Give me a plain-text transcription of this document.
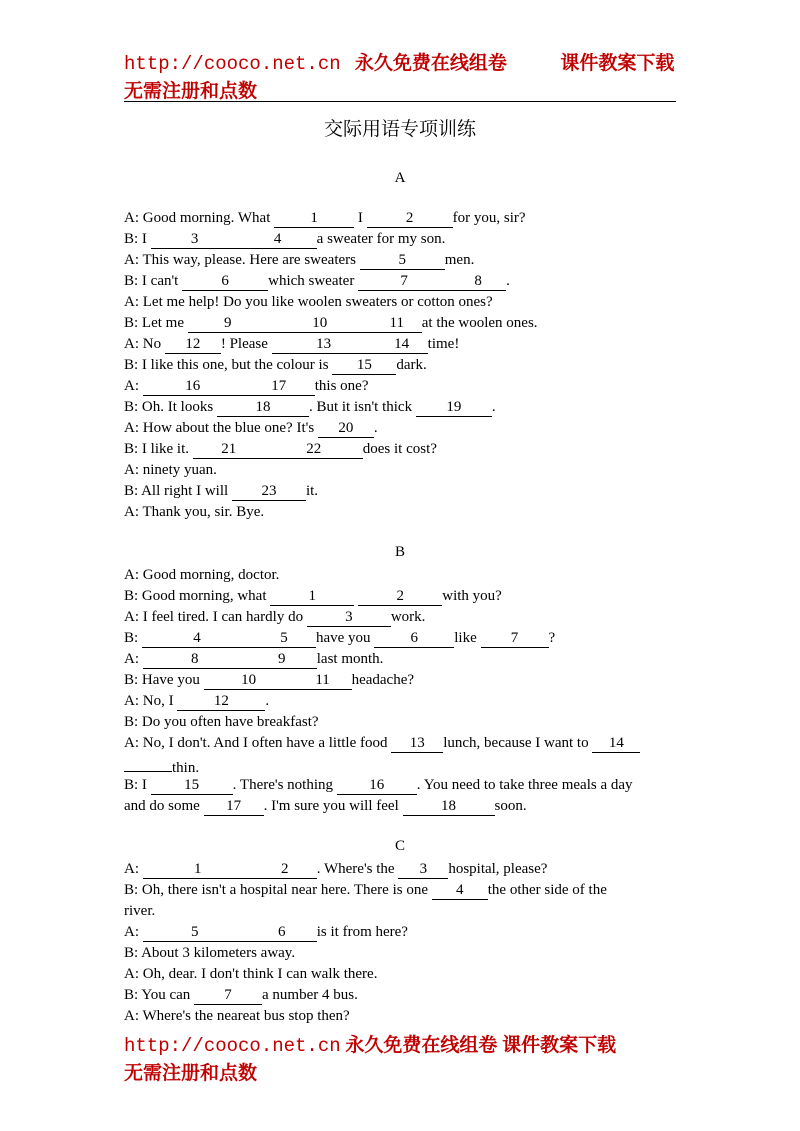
http://cooco.net.cn 永久免费在线组卷	课件教案下载
无需注册和点数
交际用语专项训练
A
A: Good morning. What 1 I	2	for you, sir?
B: I	3	4 a sweater for my son.
A: This way, please. Here are sweaters	5	men.
B: I can't	6	which sweater	7	8 .
A: Let me help! Do you like woolen sweaters or cotton ones?
B: Let me 9	10	11 at the woolen ones.
A: No 12 ! Please	13	14 time!
B: I like this one, but the colour is 15 dark.
A:	16	17 this one?
B: Oh. It looks	18	. But it isn't thick 19 .
A: How about the blue one? It's 20 .
B: I like it. 21	22	does it cost?
A: ninety yuan.
B: All right I will 23 it.
A: Thank you, sir. Bye.
B
A: Good morning, doctor.
B: Good morning, what	1	2	with you?
A: I feel tired. I can hardly do	3	work.
B:	4	5 have you 6 like 7 ?
A:	8	9 last month.
B: Have you	10	11 headache?
A: No, I 12 .
B: Do you often have breakfast?
A: No, I don't. And I often have a little food 13 lunch, because I want to 14
thin.
B: I 15 . There's nothing 16 . You need to take three meals a day
and do some 17 . I'm sure you will feel	18	soon.
C
A:	1	2 . Where's the 3 hospital, please?
B: Oh, there isn't a hospital near here. There is one 4 the other side of the
river.
A:	5	6 is it from here?
B: About 3 kilometers away.
A: Oh, dear. I don't think I can walk there.
B: You can 7 a number 4 bus.
A: Where's the neareat bus stop then?
http://cooco.net.cn 永久免费在线组卷 课件教案下载
无需注册和点数
